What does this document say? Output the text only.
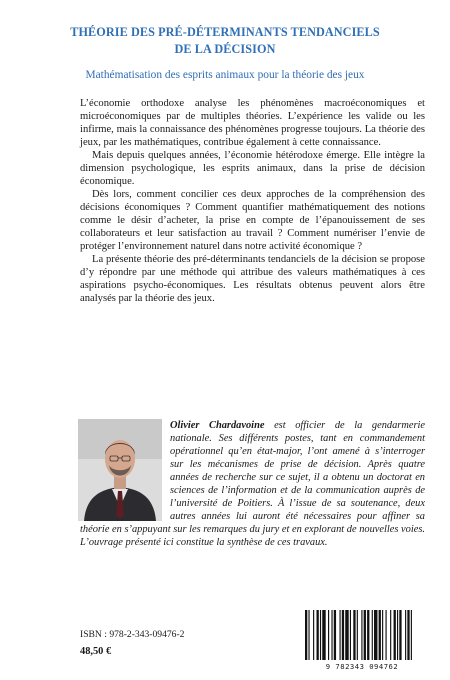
THÉORIE DES PRÉ-DÉTERMINANTS TENDANCIELS
DE LA DÉCISION
Mathématisation des esprits animaux pour la théorie des jeux

L’économie orthodoxe analyse les phénomènes macroéconomiques et microéconomiques par de multiples théories. L’expérience les valide ou les infirme, mais la connaissance des phénomènes progresse toujours. La théorie des jeux, par les mathématiques, contribue également à cette connaissance.

Mais depuis quelques années, l’économie hétérodoxe émerge. Elle intègre la dimension psychologique, les esprits animaux, dans la prise de décision économique.

Dès lors, comment concilier ces deux approches de la compréhension des décisions économiques ? Comment quantifier mathématiquement des notions comme le désir d’acheter, la prise en compte de l’épanouissement de ses collaborateurs et leur satisfaction au travail ? Comment numériser l’envie de protéger l’environnement naturel dans notre activité économique ?

La présente théorie des pré-déterminants tendanciels de la décision se propose d’y répondre par une méthode qui attribue des valeurs mathématiques à ces aspirations psycho-économiques. Les résultats obtenus peuvent alors être analysés par la théorie des jeux.

Olivier Chardavoine est officier de la gendarmerie nationale. Ses différents postes, tant en commandement opérationnel qu’en état-major, l’ont amené à s’interroger sur les mécanismes de prise de décision. Après quatre années de recherche sur ce sujet, il a obtenu un doctorat en sciences de l’information et de la communication auprès de l’université de Poitiers. À l’issue de sa soutenance, deux autres années lui auront été nécessaires pour affiner sa théorie en s’appuyant sur les remarques du jury et en explorant de nouvelles voies. L’ouvrage présenté ici constitue la synthèse de ces travaux.
ISBN : 978-2-343-09476-2
48,50 €
9 782343 094762
